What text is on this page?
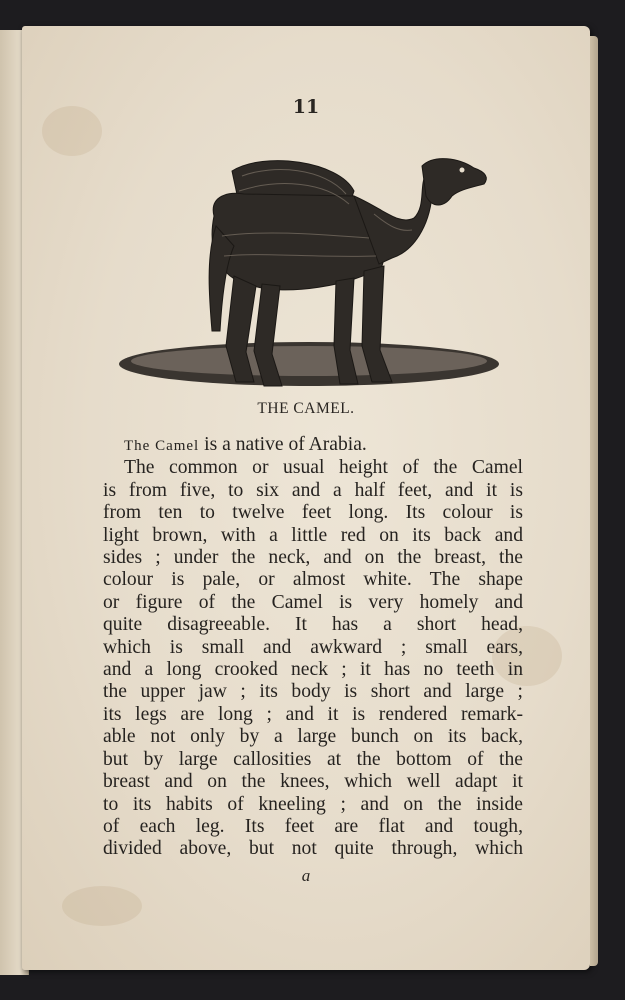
11
THE CAMEL.
The Camel is a native of Arabia.
The common or usual height of the Camel
is from five, to six and a half feet, and it is
from ten to twelve feet long. Its colour is
light brown, with a little red on its back and
sides ; under the neck, and on the breast, the
colour is pale, or almost white. The shape
or figure of the Camel is very homely and
quite disagreeable. It has a short head,
which is small and awkward ; small ears,
and a long crooked neck ; it has no teeth in
the upper jaw ; its body is short and large ;
its legs are long ; and it is rendered remark-
able not only by a large bunch on its back,
but by large callosities at the bottom of the
breast and on the knees, which well adapt it
to its habits of kneeling ; and on the inside
of each leg. Its feet are flat and tough,
divided above, but not quite through, which
a
